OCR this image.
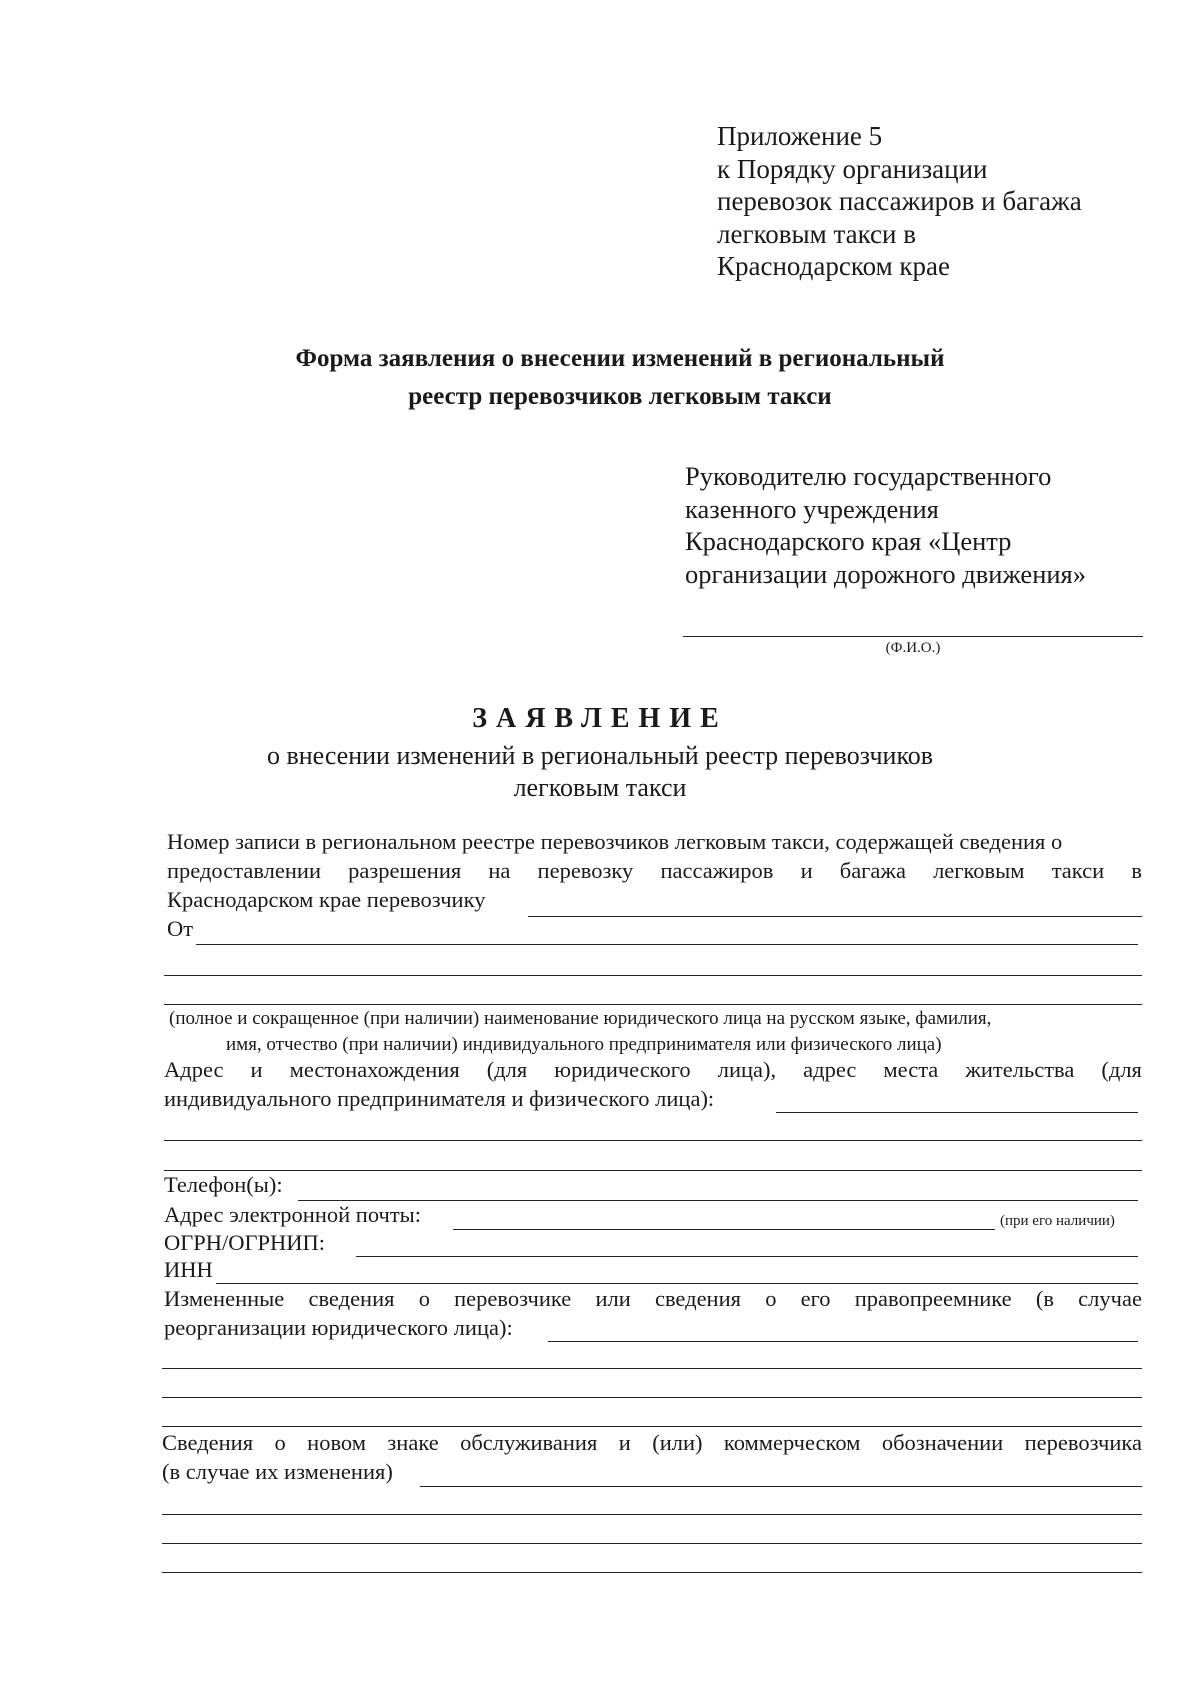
Приложение 5
к Порядку организации
перевозок пассажиров и багажа
легковым такси в
Краснодарском крае
Форма заявления о внесении изменений в региональный
реестр перевозчиков легковым такси
Руководителю государственного
казенного учреждения
Краснодарского края «Центр
организации дорожного движения»
(Ф.И.О.)
ЗАЯВЛЕНИЕ
о внесении изменений в региональный реестр перевозчиков
легковым такси
Номер записи в региональном реестре перевозчиков легковым такси, содержащей сведения о
предоставлении разрешения на перевозку пассажиров и багажа легковым такси в
Краснодарском крае перевозчику
От
(полное и сокращенное (при наличии) наименование юридического лица на русском языке, фамилия,
имя, отчество (при наличии) индивидуального предпринимателя или физического лица)
Адрес и местонахождения (для юридического лица), адрес места жительства (для
индивидуального предпринимателя и физического лица):
Телефон(ы):
Адрес электронной почты:	(при его наличии)
ОГРН/ОГРНИП:
ИНН
Измененные сведения о перевозчике или сведения о его правопреемнике (в случае
реорганизации юридического лица):
Сведения о новом знаке обслуживания и (или) коммерческом обозначении перевозчика
(в случае их изменения)
